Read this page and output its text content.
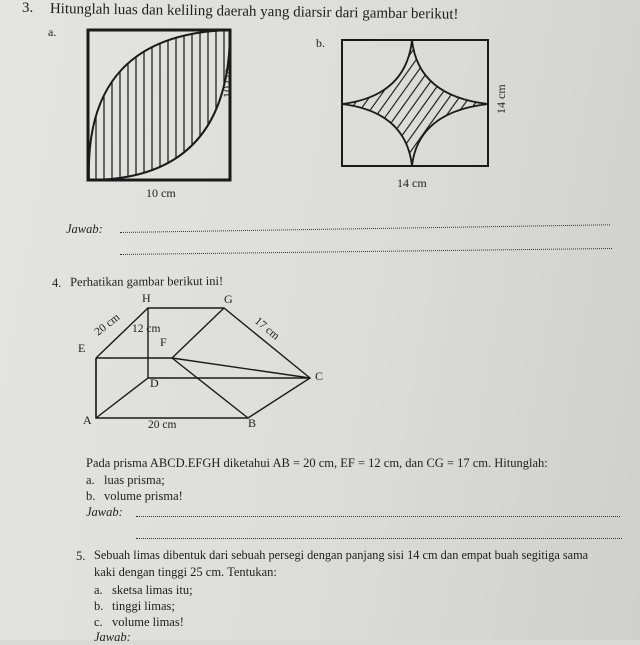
3. Hitunglah luas dan keliling daerah yang diarsir dari gambar berikut!
a.
10 cm
10 cm
b.
14 cm
14 cm
Jawab:
4. Perhatikan gambar berikut ini!
H	G
E	F
D	C
A	B
20 cm 12 cm	17 cm
20 cm
Pada prisma ABCD.EFGH diketahui AB = 20 cm, EF = 12 cm, dan CG = 17 cm. Hitunglah:
a. luas prisma;
b. volume prisma!
Jawab:
5. Sebuah limas dibentuk dari sebuah persegi dengan panjang sisi 14 cm dan empat buah segitiga sama
kaki dengan tinggi 25 cm. Tentukan:
a. sketsa limas itu;
b. tinggi limas;
c. volume limas!
Jawab:
